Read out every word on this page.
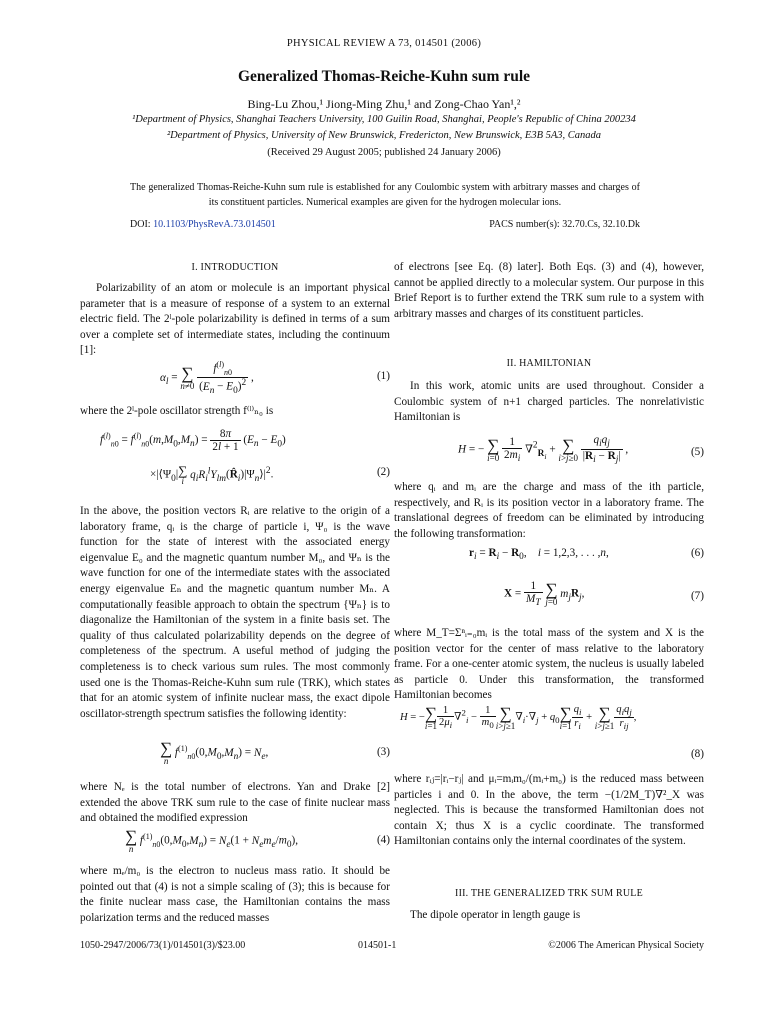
PHYSICAL REVIEW A 73, 014501 (2006)
Generalized Thomas-Reiche-Kuhn sum rule
Bing-Lu Zhou,¹ Jiong-Ming Zhu,¹ and Zong-Chao Yan¹,²
¹Department of Physics, Shanghai Teachers University, 100 Guilin Road, Shanghai, People's Republic of China 200234
²Department of Physics, University of New Brunswick, Fredericton, New Brunswick, E3B 5A3, Canada
(Received 29 August 2005; published 24 January 2006)
The generalized Thomas-Reiche-Kuhn sum rule is established for any Coulombic system with arbitrary masses and charges of its constituent particles. Numerical examples are given for the hydrogen molecular ions.
DOI: 10.1103/PhysRevA.73.014501	PACS number(s): 32.70.Cs, 32.10.Dk
I. INTRODUCTION
Polarizability of an atom or molecule is an important physical parameter that is a measure of response of a system to an external electric field. The 2ˡ-pole polarizability is defined in terms of a sum over a complete set of intermediate states, including the continuum [1]:
$\alpha_l$ = ∑
$n\ne 0 \frac{f^{(l)}_{n0}}{(E_n - E_0)^2}$ ,	(1)
where the 2ˡ-pole oscillator strength f⁽ˡ⁾ₙ₀ is
$f^{(l)}_{n0} = f^{(l)}_{n0}(m,M_0,M_n) = \frac{8\pi}{2l + 1} (E_n - E_0)$
$\times|⟨\Psi_0|$ ∑
i $q_iR_i^lY_{lm}(R̂_i)|\Psi_n⟩|^2$.	(2)
In the above, the position vectors Rᵢ are relative to the origin of a laboratory frame, qᵢ is the charge of particle i, Ψ₀ is the wave function for the state of interest with the associated energy eigenvalue E₀ and the magnetic quantum number M₀, and Ψₙ is the wave function for one of the intermediate states with the associated energy eigenvalue Eₙ and the magnetic quantum number Mₙ. A computationally feasible approach to obtain the spectrum {Ψₙ} is to diagonalize the Hamiltonian of the system in a finite basis set. The quality of thus calculated polarizability depends on the degree of completeness of the spectrum. A useful method of judging the completeness is to check various sum rules. The most commonly used one is the Thomas-Reiche-Kuhn sum rule (TRK), which states that for an atomic system of infinite nuclear mass, the exact dipole oscillator-strength spectrum satisfies the following identity:
∑
n $f^{(1)}_{n0}(0,M_0,M_n) = N_e$,	(3)
where Nₑ is the total number of electrons. Yan and Drake [2] extended the above TRK sum rule to the case of finite nuclear mass and obtained the modified expression
∑
n $f^{(1)}_{n0}(0,M_0,M_n) = N_e(1 + N_em_e/m_0)$,	(4)
where mₑ/m₀ is the electron to nucleus mass ratio. It should be pointed out that (4) is not a simple scaling of (3); this is because for the finite nuclear mass case, the Hamiltonian contains the mass polarization terms and the reduced masses
of electrons [see Eq. (8) later]. Both Eqs. (3) and (4), however, cannot be applied directly to a molecular system. Our purpose in this Brief Report is to further extend the TRK sum rule to a system with arbitrary masses and charges of its constituent particles.
II. HAMILTONIAN
In this work, atomic units are used throughout. Consider a Coulombic system of n+1 charged particles. The nonrelativistic Hamiltonian is
H = − ∑
$i=0 \frac{1}{2m_i} \nabla^2_{R_i}$ + ∑
$i>j\ge 0 \frac{q_iq_j}{|R_i - R_j|}$ ,	(5)
where qᵢ and mᵢ are the charge and mass of the ith particle, respectively, and Rᵢ is its position vector in a laboratory frame. The translational degrees of freedom can be eliminated by introducing the following transformation:
$r_i = R_i - R_0$,    i = 1,2,3, . . . ,n,	(6)
$X = \frac{1}{M_T}$
∑
j=0 $m_jR_j$,	(7)
where M_T=Σⁿᵢ₌₀mᵢ is the total mass of the system and X is the position vector for the center of mass relative to the laboratory frame. For a one-center atomic system, the nucleus is usually labeled as particle 0. Under this transformation, the transformed Hamiltonian becomes
H = − ∑
$i=1 \frac{1}{2\mu_i} \nabla^2_i - \frac{1}{m_0}$ ∑
$i>j\ge 1\nabla_i\cdot\nabla_j + q_0$ ∑
$i=1 \frac{q_i}{r_i}$ + ∑
$i>j\ge 1 \frac{q_iq_j}{r_{ij}}$ ,
(8)
where rᵢⱼ=|rᵢ−rⱼ| and μᵢ=mᵢm₀/(mᵢ+m₀) is the reduced mass between particles i and 0. In the above, the term −(1/2M_T)∇²_X was neglected. This is because the transformed Hamiltonian does not contain X; thus X is a cyclic coordinate. The transformed Hamiltonian contains only the internal coordinates of the system.
III. THE GENERALIZED TRK SUM RULE
The dipole operator in length gauge is
1050-2947/2006/73(1)/014501(3)/$23.00	014501-1	©2006 The American Physical Society
